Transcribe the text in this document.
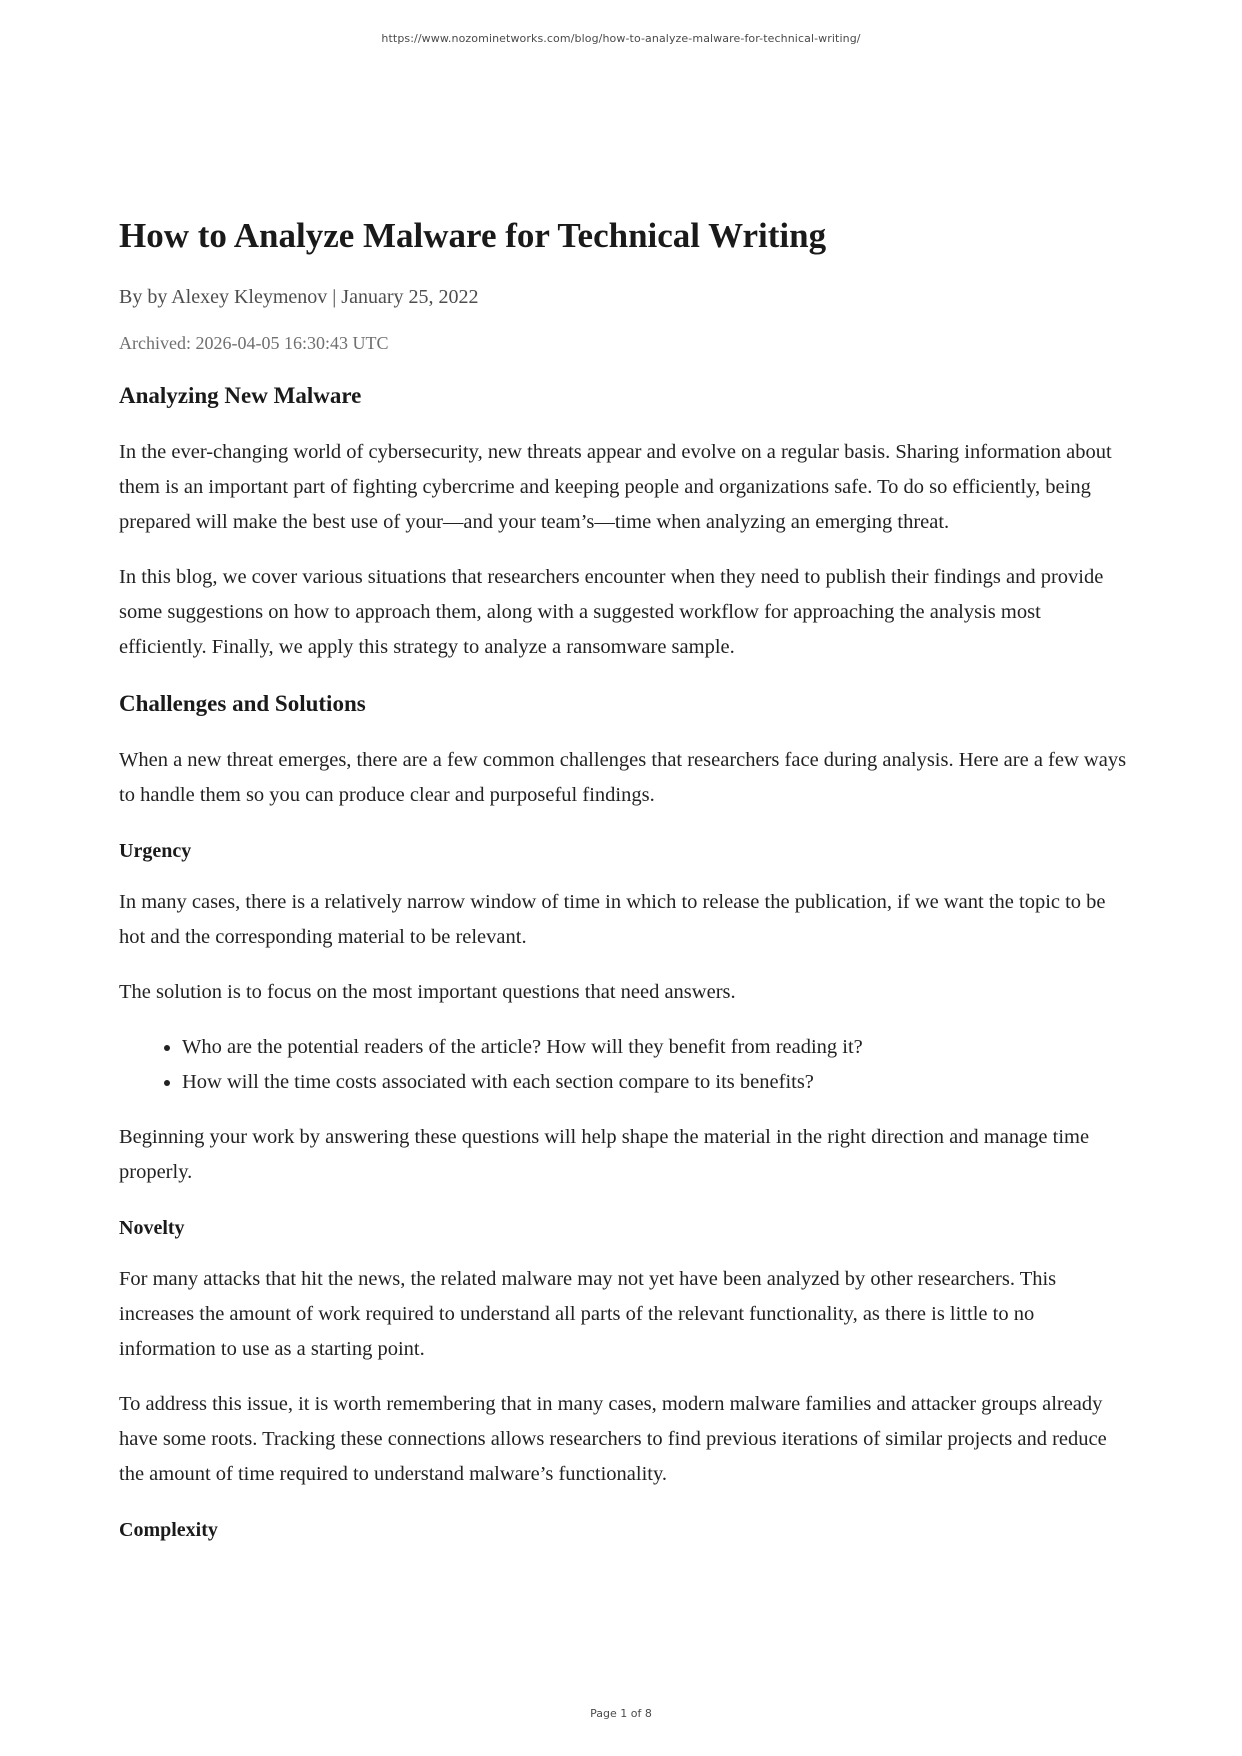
https://www.nozominetworks.com/blog/how-to-analyze-malware-for-technical-writing/
How to Analyze Malware for Technical Writing
By by Alexey Kleymenov | January 25, 2022
Archived: 2026-04-05 16:30:43 UTC
Analyzing New Malware

In the ever-changing world of cybersecurity, new threats appear and evolve on a regular basis. Sharing information about them is an important part of fighting cybercrime and keeping people and organizations safe. To do so efficiently, being prepared will make the best use of your—and your team’s—time when analyzing an emerging threat.

In this blog, we cover various situations that researchers encounter when they need to publish their findings and provide some suggestions on how to approach them, along with a suggested workflow for approaching the analysis most efficiently. Finally, we apply this strategy to analyze a ransomware sample.

Challenges and Solutions

When a new threat emerges, there are a few common challenges that researchers face during analysis. Here are a few ways to handle them so you can produce clear and purposeful findings.

Urgency

In many cases, there is a relatively narrow window of time in which to release the publication, if we want the topic to be hot and the corresponding material to be relevant.

The solution is to focus on the most important questions that need answers.

• Who are the potential readers of the article? How will they benefit from reading it?
• How will the time costs associated with each section compare to its benefits?

Beginning your work by answering these questions will help shape the material in the right direction and manage time properly.

Novelty

For many attacks that hit the news, the related malware may not yet have been analyzed by other researchers. This increases the amount of work required to understand all parts of the relevant functionality, as there is little to no information to use as a starting point.

To address this issue, it is worth remembering that in many cases, modern malware families and attacker groups already have some roots. Tracking these connections allows researchers to find previous iterations of similar projects and reduce the amount of time required to understand malware’s functionality.

Complexity
Page 1 of 8
